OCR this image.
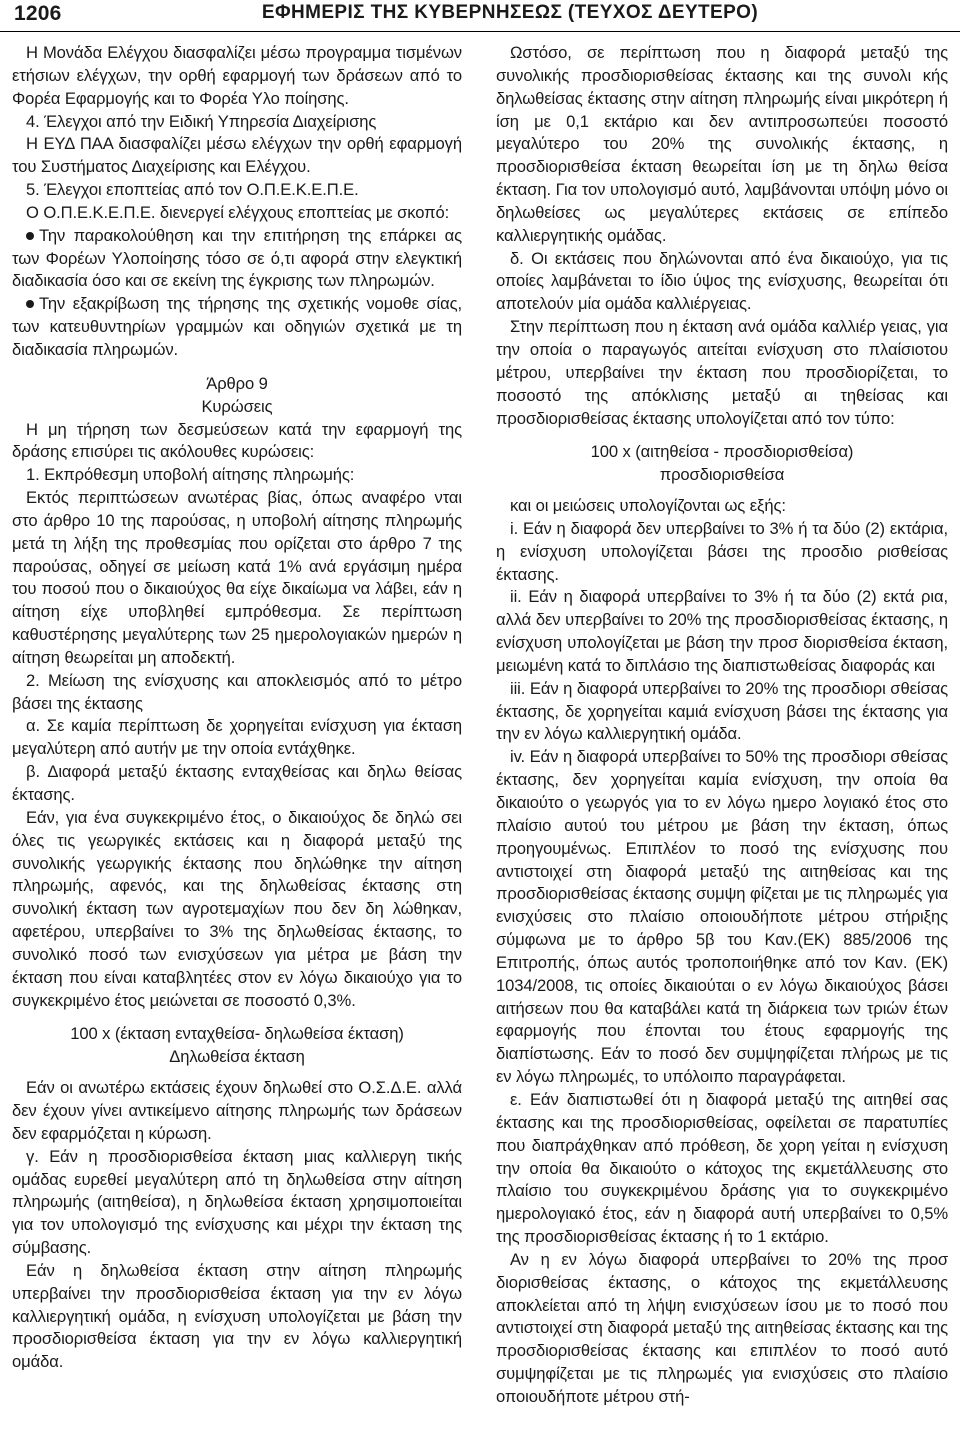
1206	ΕΦΗΜΕΡΙΣ ΤΗΣ ΚΥΒΕΡΝΗΣΕΩΣ (ΤΕΥΧΟΣ ΔΕΥΤΕΡΟ)

Η Μονάδα Ελέγχου διασφαλίζει μέσω προγραμμα τισμένων ετήσιων ελέγχων, την ορθή εφαρμογή των δράσεων από το Φορέα Εφαρμογής και το Φορέα Υλο ποίησης.

4. Έλεγχοι από την Ειδική Υπηρεσία Διαχείρισης

Η ΕΥΔ ΠΑΑ διασφαλίζει μέσω ελέγχων την ορθή εφαρμογή του Συστήματος Διαχείρισης και Ελέγχου.

5. Έλεγχοι εποπτείας από τον Ο.Π.Ε.Κ.Ε.Π.Ε.

Ο Ο.Π.Ε.Κ.Ε.Π.Ε. διενεργεί ελέγχους εποπτείας με σκοπό:

Την παρακολούθηση και την επιτήρηση της επάρκει ας των Φορέων Υλοποίησης τόσο σε ό,τι αφορά στην ελεγκτική διαδικασία όσο και σε εκείνη της έγκρισης των πληρωμών.

Την εξακρίβωση της τήρησης της σχετικής νομοθε σίας, των κατευθυντηρίων γραμμών και οδηγιών σχετικά με τη διαδικασία πληρωμών.

Άρθρο 9

Κυρώσεις

Η μη τήρηση των δεσμεύσεων κατά την εφαρμογή της δράσης επισύρει τις ακόλουθες κυρώσεις:

1. Εκπρόθεσμη υποβολή αίτησης πληρωμής:

Εκτός περιπτώσεων ανωτέρας βίας, όπως αναφέρο νται στο άρθρο 10 της παρούσας, η υποβολή αίτησης πληρωμής μετά τη λήξη της προθεσμίας που ορίζεται στο άρθρο 7 της παρούσας, οδηγεί σε μείωση κατά 1% ανά εργάσιμη ημέρα του ποσού που ο δικαιούχος θα είχε δικαίωμα να λάβει, εάν η αίτηση είχε υποβληθεί εμπρόθεσμα. Σε περίπτωση καθυστέρησης μεγαλύτερης των 25 ημερολογιακών ημερών η αίτηση θεωρείται μη αποδεκτή.

2. Μείωση της ενίσχυσης και αποκλεισμός από το μέτρο βάσει της έκτασης

α. Σε καμία περίπτωση δε χορηγείται ενίσχυση για έκταση μεγαλύτερη από αυτήν με την οποία εντάχθηκε.

β. Διαφορά μεταξύ έκτασης ενταχθείσας και δηλω θείσας έκτασης.

Εάν, για ένα συγκεκριμένο έτος, ο δικαιούχος δε δηλώ σει όλες τις γεωργικές εκτάσεις και η διαφορά μεταξύ της συνολικής γεωργικής έκτασης που δηλώθηκε την αίτηση πληρωμής, αφενός, και της δηλωθείσας έκτασης στη συνολική έκταση των αγροτεμαχίων που δεν δη λώθηκαν, αφετέρου, υπερβαίνει το 3% της δηλωθείσας έκτασης, το συνολικό ποσό των ενισχύσεων για μέτρα με βάση την έκταση που είναι καταβλητέες στον εν λόγω δικαιούχο για το συγκεκριμένο έτος μειώνεται σε ποσοστό 0,3%.

100 x (έκταση ενταχθείσα- δηλωθείσα έκταση)

Δηλωθείσα έκταση

Εάν οι ανωτέρω εκτάσεις έχουν δηλωθεί στο Ο.Σ.Δ.Ε. αλλά δεν έχουν γίνει αντικείμενο αίτησης πληρωμής των δράσεων δεν εφαρμόζεται η κύρωση.

γ. Εάν η προσδιορισθείσα έκταση μιας καλλιεργη τικής ομάδας ευρεθεί μεγαλύτερη από τη δηλωθείσα στην αίτηση πληρωμής (αιτηθείσα), η δηλωθείσα έκταση χρησιμοποιείται για τον υπολογισμό της ενίσχυσης και μέχρι την έκταση της σύμβασης.

Εάν η δηλωθείσα έκταση στην αίτηση πληρωμής υπερβαίνει την προσδιορισθείσα έκταση για την εν λόγω καλλιεργητική ομάδα, η ενίσχυση υπολογίζεται με βάση την προσδιορισθείσα έκταση για την εν λόγω καλλιεργητική ομάδα.

Ωστόσο, σε περίπτωση που η διαφορά μεταξύ της συνολικής προσδιορισθείσας έκτασης και της συνολι κής δηλωθείσας έκτασης στην αίτηση πληρωμής είναι μικρότερη ή ίση με 0,1 εκτάριο και δεν αντιπροσωπεύει ποσοστό μεγαλύτερο του 20% της συνολικής έκτασης, η προσδιορισθείσα έκταση θεωρείται ίση με τη δηλω θείσα έκταση. Για τον υπολογισμό αυτό, λαμβάνονται υπόψη μόνο οι δηλωθείσες ως μεγαλύτερες εκτάσεις σε επίπεδο καλλιεργητικής ομάδας.

δ. Οι εκτάσεις που δηλώνονται από ένα δικαιούχο, για τις οποίες λαμβάνεται το ίδιο ύψος της ενίσχυσης, θεωρείται ότι αποτελούν μία ομάδα καλλιέργειας.

Στην περίπτωση που η έκταση ανά ομάδα καλλιέρ γειας, για την οποία ο παραγωγός αιτείται ενίσχυση στο πλαίσιοτου μέτρου, υπερβαίνει την έκταση που προσδιορίζεται, το ποσοστό της απόκλισης μεταξύ αι τηθείσας και προσδιορισθείσας έκτασης υπολογίζεται από τον τύπο:

100 x (αιτηθείσα - προσδιορισθείσα)

προσδιορισθείσα

και οι μειώσεις υπολογίζονται ως εξής:

i. Εάν η διαφορά δεν υπερβαίνει το 3% ή τα δύο (2) εκτάρια, η ενίσχυση υπολογίζεται βάσει της προσδιο ρισθείσας έκτασης.

ii. Εάν η διαφορά υπερβαίνει το 3% ή τα δύο (2) εκτά ρια, αλλά δεν υπερβαίνει το 20% της προσδιορισθείσας έκτασης, η ενίσχυση υπολογίζεται με βάση την προσ διορισθείσα έκταση, μειωμένη κατά το διπλάσιο της διαπιστωθείσας διαφοράς και

iii. Εάν η διαφορά υπερβαίνει το 20% της προσδιορι σθείσας έκτασης, δε χορηγείται καμιά ενίσχυση βάσει της έκτασης για την εν λόγω καλλιεργητική ομάδα.

iv. Εάν η διαφορά υπερβαίνει το 50% της προσδιορι σθείσας έκτασης, δεν χορηγείται καμία ενίσχυση, την οποία θα δικαιούτο ο γεωργός για το εν λόγω ημερο λογιακό έτος στο πλαίσιο αυτού του μέτρου με βάση την έκταση, όπως προηγουμένως. Επιπλέον το ποσό της ενίσχυσης που αντιστοιχεί στη διαφορά μεταξύ της αιτηθείσας και της προσδιορισθείσας έκτασης συμψη φίζεται με τις πληρωμές για ενισχύσεις στο πλαίσιο οποιουδήποτε μέτρου στήριξης σύμφωνα με το άρθρο 5β του Καν.(ΕΚ) 885/2006 της Επιτροπής, όπως αυτός τροποποιήθηκε από τον Καν. (ΕΚ) 1034/2008, τις οποίες δικαιούται ο εν λόγω δικαιούχος βάσει αιτήσεων που θα καταβάλει κατά τη διάρκεια των τριών έτων εφαρμογής που έπονται του έτους εφαρμογής της διαπίστωσης. Εάν το ποσό δεν συμψηφίζεται πλήρως με τις εν λόγω πληρωμές, το υπόλοιπο παραγράφεται.

ε. Εάν διαπιστωθεί ότι η διαφορά μεταξύ της αιτηθεί σας έκτασης και της προσδιορισθείσας, οφείλεται σε παρατυπίες που διαπράχθηκαν από πρόθεση, δε χορη γείται η ενίσχυση την οποία θα δικαιούτο ο κάτοχος της εκμετάλλευσης στο πλαίσιο του συγκεκριμένου δράσης για το συγκεκριμένο ημερολογιακό έτος, εάν η διαφορά αυτή υπερβαίνει το 0,5% της προσδιορισθείσας έκτασης ή το 1 εκτάριο.

Αν η εν λόγω διαφορά υπερβαίνει το 20% της προσ διορισθείσας έκτασης, ο κάτοχος της εκμετάλλευσης αποκλείεται από τη λήψη ενισχύσεων ίσου με το ποσό που αντιστοιχεί στη διαφορά μεταξύ της αιτηθείσας έκτασης και της προσδιορισθείσας έκτασης και επιπλέον το ποσό αυτό συμψηφίζεται με τις πληρωμές για ενισχύσεις στο πλαίσιο οποιουδήποτε μέτρου στή-
